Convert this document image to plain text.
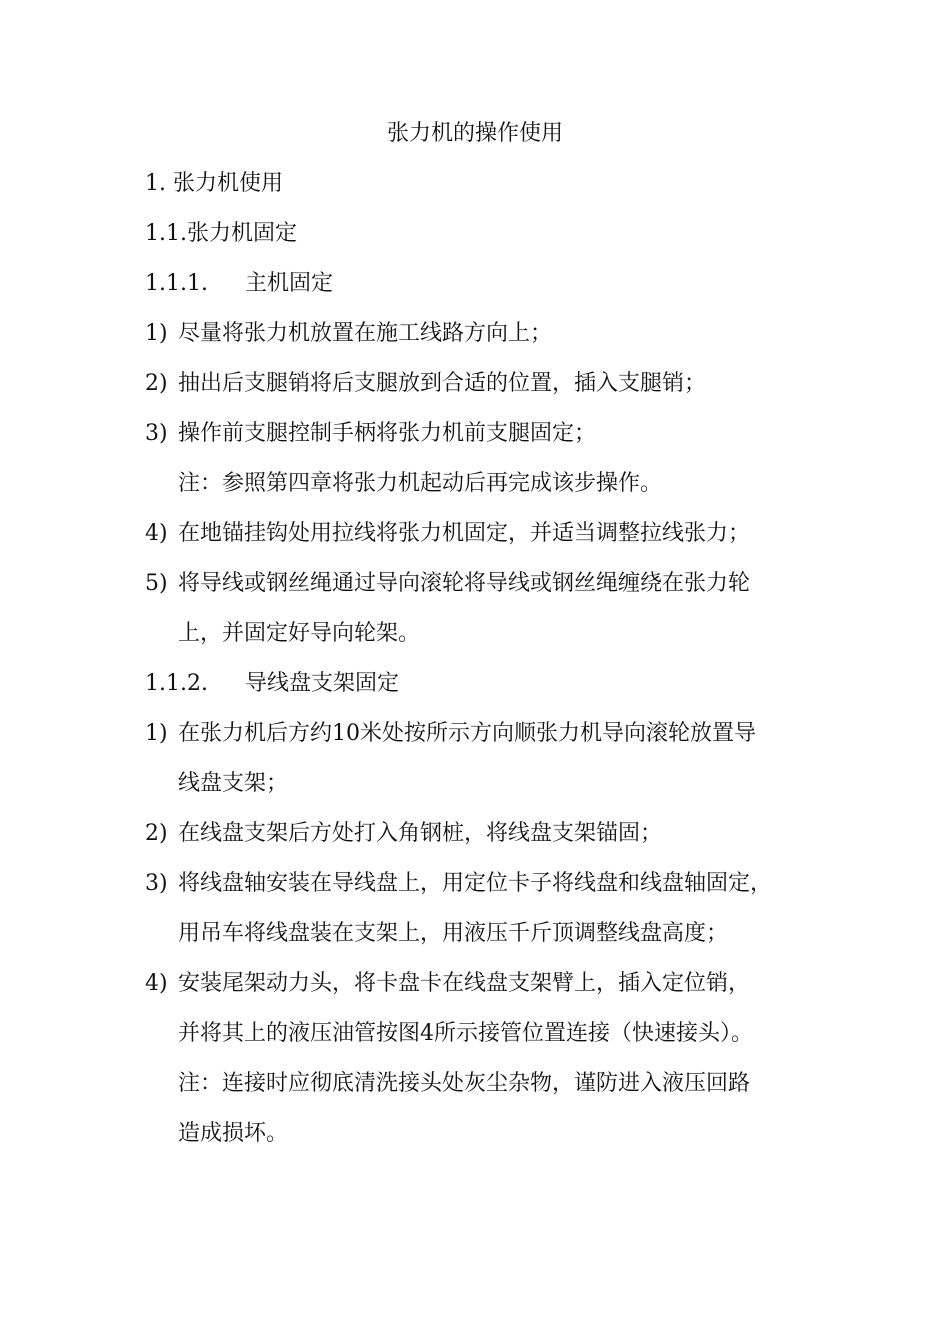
张力机的操作使用
1. 张力机使用
1.1.张力机固定
1.1.1. 主机固定
1) 尽量将张力机放置在施工线路方向上；
2) 抽出后支腿销将后支腿放到合适的位置，插入支腿销；
3) 操作前支腿控制手柄将张力机前支腿固定；
注：参照第四章将张力机起动后再完成该步操作。
4) 在地锚挂钩处用拉线将张力机固定，并适当调整拉线张力；
5) 将导线或钢丝绳通过导向滚轮将导线或钢丝绳缠绕在张力轮
上，并固定好导向轮架。
1.1.2. 导线盘支架固定
1) 在张力机后方约10米处按所示方向顺张力机导向滚轮放置导
线盘支架；
2) 在线盘支架后方处打入角钢桩，将线盘支架锚固；
3) 将线盘轴安装在导线盘上，用定位卡子将线盘和线盘轴固定，
用吊车将线盘装在支架上，用液压千斤顶调整线盘高度；
4) 安装尾架动力头，将卡盘卡在线盘支架臂上，插入定位销，
并将其上的液压油管按图4所示接管位置连接（快速接头）。
注：连接时应彻底清洗接头处灰尘杂物，谨防进入液压回路
造成损坏。
